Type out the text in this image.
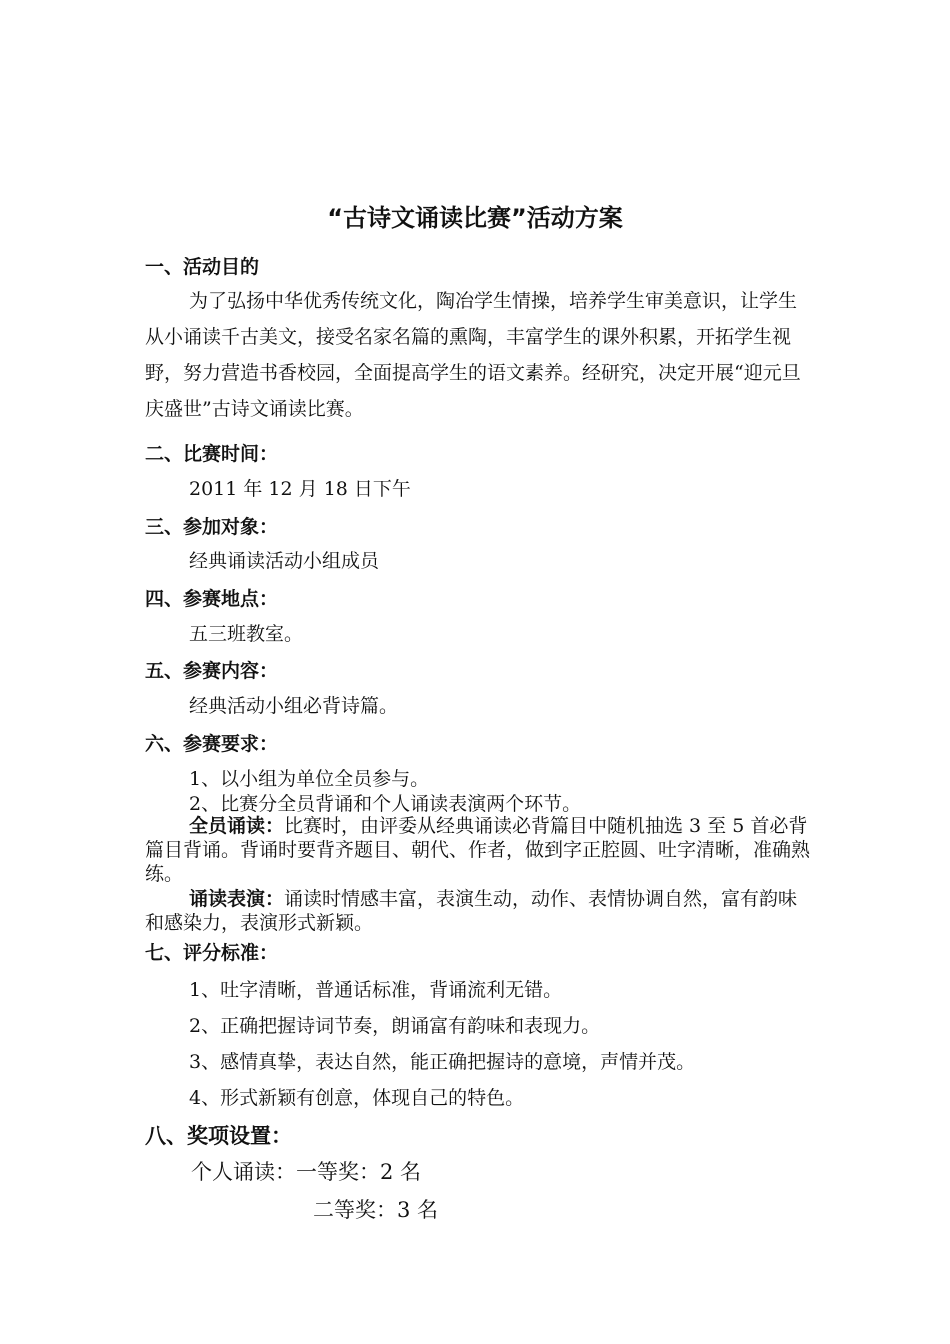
“古诗文诵读比赛”活动方案
一、活动目的
为了弘扬中华优秀传统文化，陶冶学生情操，培养学生审美意识，让学生从小诵读千古美文，接受名家名篇的熏陶，丰富学生的课外积累，开拓学生视野，努力营造书香校园，全面提高学生的语文素养。经研究，决定开展“迎元旦 庆盛世”古诗文诵读比赛。
二、比赛时间：
2011 年 12 月 18 日下午
三、参加对象：
经典诵读活动小组成员
四、参赛地点：
五三班教室。
五、参赛内容：
经典活动小组必背诗篇。
六、参赛要求：
1、以小组为单位全员参与。
2、比赛分全员背诵和个人诵读表演两个环节。
全员诵读：比赛时，由评委从经典诵读必背篇目中随机抽选 3 至 5 首必背篇目背诵。背诵时要背齐题目、朝代、作者，做到字正腔圆、吐字清晰，准确熟练。
诵读表演：诵读时情感丰富，表演生动，动作、表情协调自然，富有韵味和感染力，表演形式新颖。
七、评分标准：
1、吐字清晰，普通话标准，背诵流利无错。
2、正确把握诗词节奏，朗诵富有韵味和表现力。
3、感情真挚，表达自然，能正确把握诗的意境，声情并茂。
4、形式新颖有创意，体现自己的特色。
八、奖项设置：
个人诵读：一等奖：2 名
二等奖：3 名
